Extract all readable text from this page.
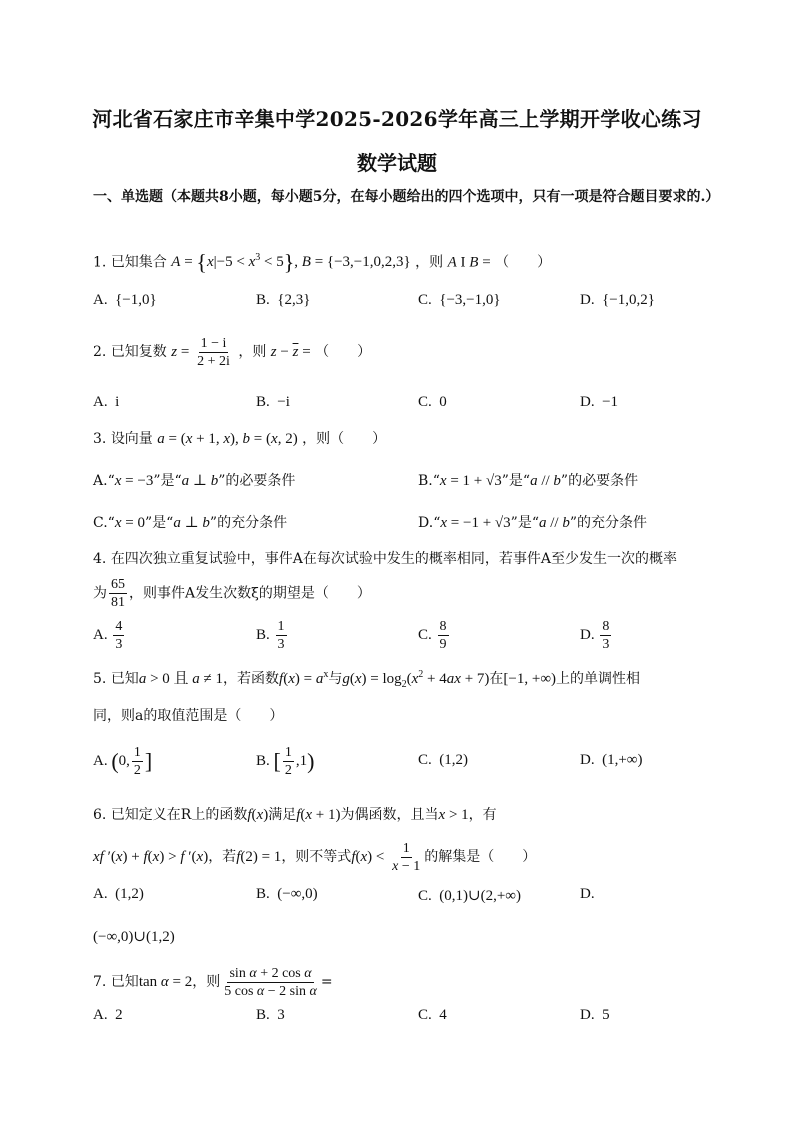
河北省石家庄市辛集中学2025-2026学年高三上学期开学收心练习
数学试题
一、单选题（本题共8小题，每小题5分，在每小题给出的四个选项中，只有一项是符合题目要求的.）
1. 已知集合 $A = \{x|-5 < x^3 < 5\}$, B = {−3,−1,0,2,3} ，则 A I B = （　　）
A. {−1,0}	B. {2,3}	C. {−3,−1,0}	D. {−1,0,2}
2. 已知复数 $z = \frac{1 - i}{2 + 2i}$ ，则 $z - \overline{z}$ = （　　）
A. i	B. −i	C. 0	D. −1
3. 设向量 a = (x + 1, x), b = (x, 2) ，则（　　）
A.“x = −3”是“a ⊥ b”的必要条件	B.“x = 1 + √3”是“a // b”的必要条件
C.“x = 0”是“a ⊥ b”的充分条件	D.“x = −1 + √3”是“a // b”的充分条件
4. 在四次独立重复试验中，事件A在每次试验中发生的概率相同，若事件A至少发生一次的概率
为 $\frac{65}{81}$ ，则事件A发生次数ξ的期望是（　　）
A. $\frac{4}{3}$	B. $\frac{1}{3}$	C. $\frac{8}{9}$	D. $\frac{8}{3}$
5. 已知a > 0 且 a ≠ 1，若函数$f(x) = a^x$与$g(x) = \log_2(x^2 + 4ax + 7)$在[−1, +∞)上的单调性相
同，则a的取值范围是（　　）
A. (0, $\frac{1}{2}$ ]	B. [ $\frac{1}{2} ,1$)	C. (1,2)	D. (1,+∞)
6. 已知定义在R上的函数f(x)满足f(x + 1)为偶函数，且当x > 1，有
xf ′(x) + f(x) > f ′(x)，若f(2) = 1，则不等式$f(x) < \frac{1}{x - 1}$ 的解集是（　　）
A. (1,2)	B. (−∞,0)	C. (0,1)∪(2,+∞)	D.
(−∞,0)∪(1,2)
7. 已知tan α = 2，则 $\frac{\text{sin α + 2 cos α}}{\text{5 cos α − 2 sin α}}$ =
A. 2	B. 3	C. 4	D. 5
